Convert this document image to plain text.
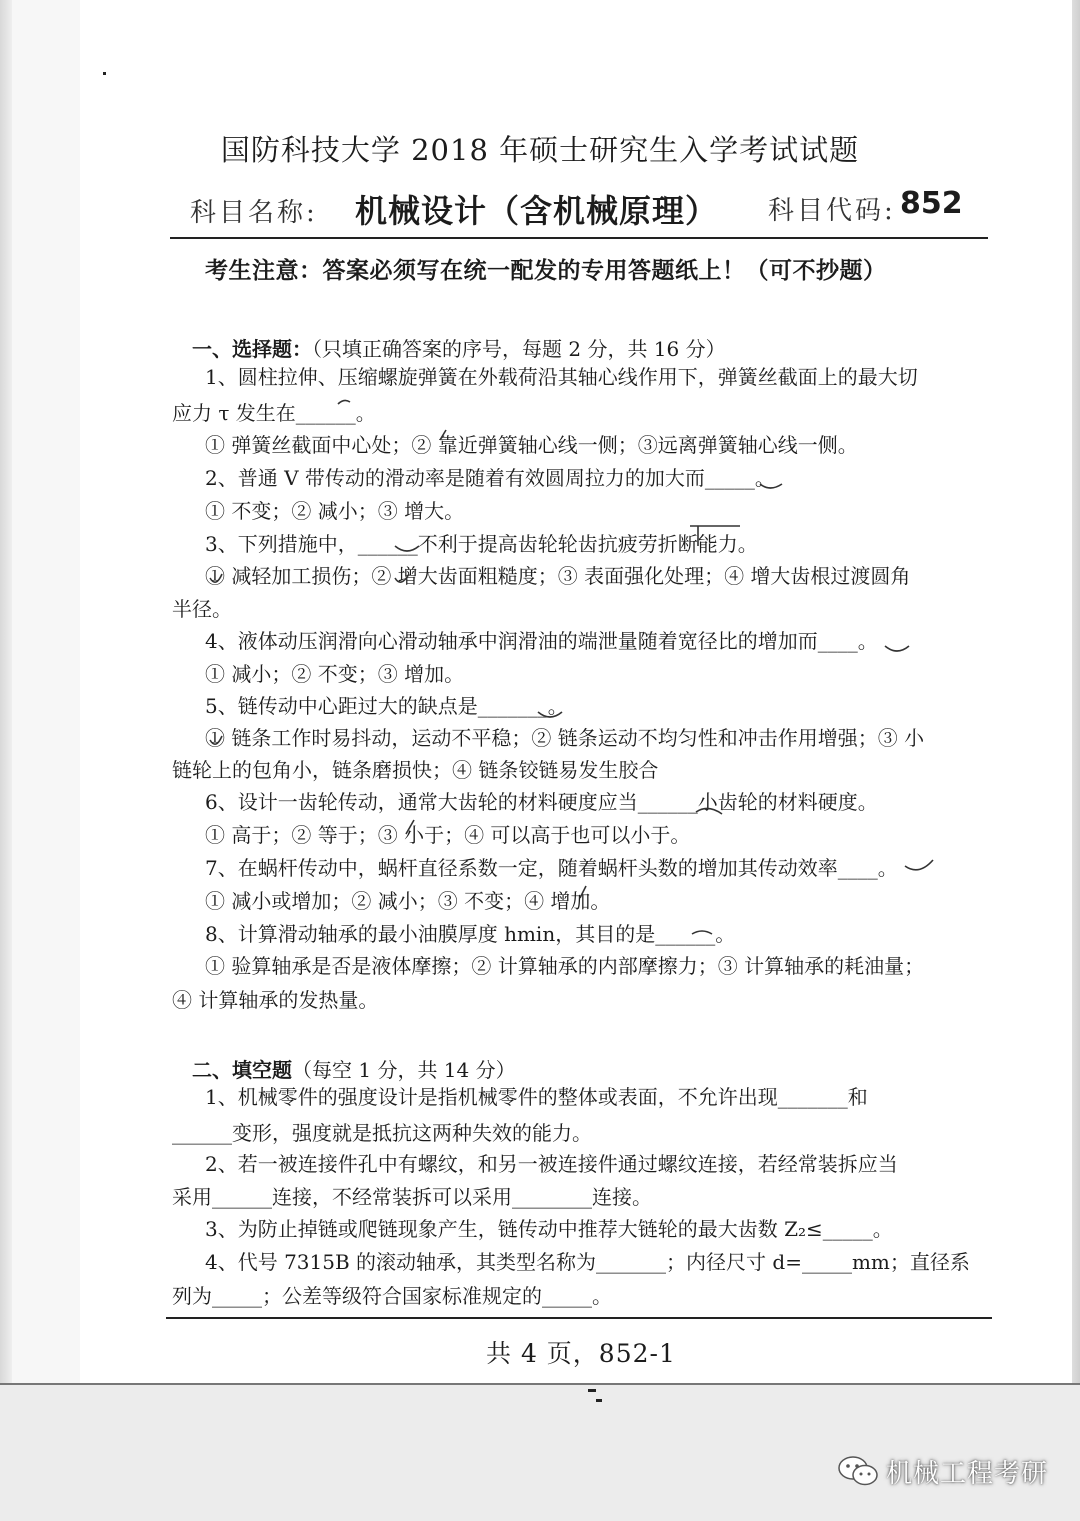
国防科技大学 2018 年硕士研究生入学考试试题
科目名称: 机械设计（含机械原理） 科目代码: 852
考生注意：答案必须写在统一配发的专用答题纸上！（可不抄题）
一、选择题：（只填正确答案的序号，每题 2 分，共 16 分）
1、圆柱拉伸、压缩螺旋弹簧在外载荷沿其轴心线作用下，弹簧丝截面上的最大切
应力 τ 发生在______。
① 弹簧丝截面中心处；② 靠近弹簧轴心线一侧；③远离弹簧轴心线一侧。
2、普通 V 带传动的滑动率是随着有效圆周拉力的加大而_____。
① 不变；② 减小；③ 增大。
3、下列措施中，______不利于提高齿轮轮齿抗疲劳折断能力。
① 减轻加工损伤；② 增大齿面粗糙度；③ 表面强化处理；④ 增大齿根过渡圆角
半径。
4、液体动压润滑向心滑动轴承中润滑油的端泄量随着宽径比的增加而____。
① 减小；② 不变；③ 增加。
5、链传动中心距过大的缺点是_______。
① 链条工作时易抖动，运动不平稳；② 链条运动不均匀性和冲击作用增强；③ 小
链轮上的包角小，链条磨损快；④ 链条铰链易发生胶合
6、设计一齿轮传动，通常大齿轮的材料硬度应当______小齿轮的材料硬度。
① 高于；② 等于；③ 小于；④ 可以高于也可以小于。
7、在蜗杆传动中，蜗杆直径系数一定，随着蜗杆头数的增加其传动效率____。
① 减小或增加；② 减小；③ 不变；④ 增加。
8、计算滑动轴承的最小油膜厚度 hmin，其目的是______。
① 验算轴承是否是液体摩擦；② 计算轴承的内部摩擦力；③ 计算轴承的耗油量；
④ 计算轴承的发热量。
二、填空题（每空 1 分，共 14 分）
1、机械零件的强度设计是指机械零件的整体或表面，不允许出现_______和
______变形，强度就是抵抗这两种失效的能力。
2、若一被连接件孔中有螺纹，和另一被连接件通过螺纹连接，若经常装拆应当
采用______连接，不经常装拆可以采用________连接。
3、为防止掉链或爬链现象产生，链传动中推荐大链轮的最大齿数 Z₂≤_____。
4、代号 7315B 的滚动轴承，其类型名称为_______；内径尺寸 d=_____mm；直径系
列为_____；公差等级符合国家标准规定的_____。
共 4 页，852-1
机械工程考研
